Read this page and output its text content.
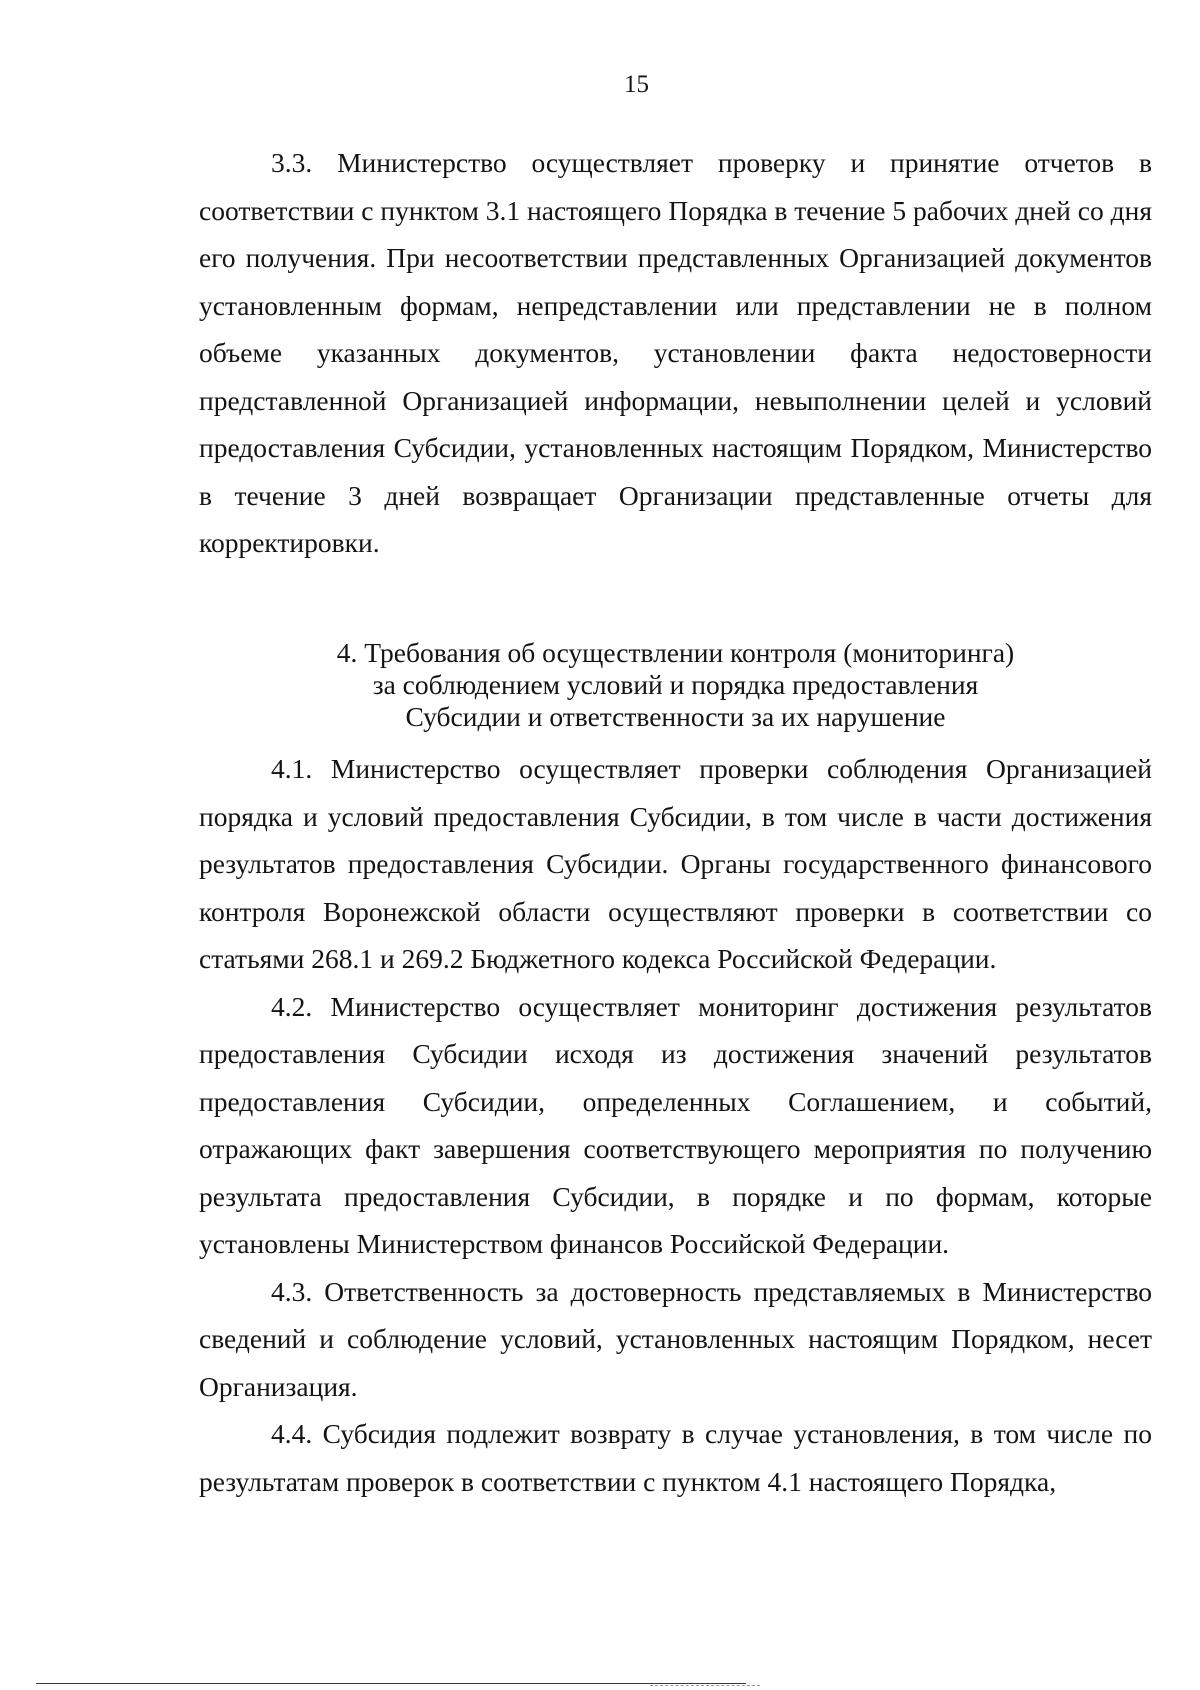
15

3.3. Министерство осуществляет проверку и принятие отчетов в соответствии с пунктом 3.1 настоящего Порядка в течение 5 рабочих дней со дня его получения. При несоответствии представленных Организацией документов установленным формам, непредставлении или представлении не в полном объеме указанных документов, установлении факта недостоверности представленной Организацией информации, невыполнении целей и условий предоставления Субсидии, установленных настоящим Порядком, Министерство в течение 3 дней возвращает Организации представленные отчеты для корректировки.

4. Требования об осуществлении контроля (мониторинга)
за соблюдением условий и порядка предоставления
Субсидии и ответственности за их нарушение

4.1. Министерство осуществляет проверки соблюдения Организацией порядка и условий предоставления Субсидии, в том числе в части достижения результатов предоставления Субсидии. Органы государственного финансового контроля Воронежской области осуществляют проверки в соответствии со статьями 268.1 и 269.2 Бюджетного кодекса Российской Федерации.

4.2. Министерство осуществляет мониторинг достижения результатов предоставления Субсидии исходя из достижения значений результатов предоставления Субсидии, определенных Соглашением, и событий, отражающих факт завершения соответствующего мероприятия по получению результата предоставления Субсидии, в порядке и по формам, которые установлены Министерством финансов Российской Федерации.

4.3. Ответственность за достоверность представляемых в Министерство сведений и соблюдение условий, установленных настоящим Порядком, несет Организация.

4.4. Субсидия подлежит возврату в случае установления, в том числе по результатам проверок в соответствии с пунктом 4.1 настоящего Порядка,
